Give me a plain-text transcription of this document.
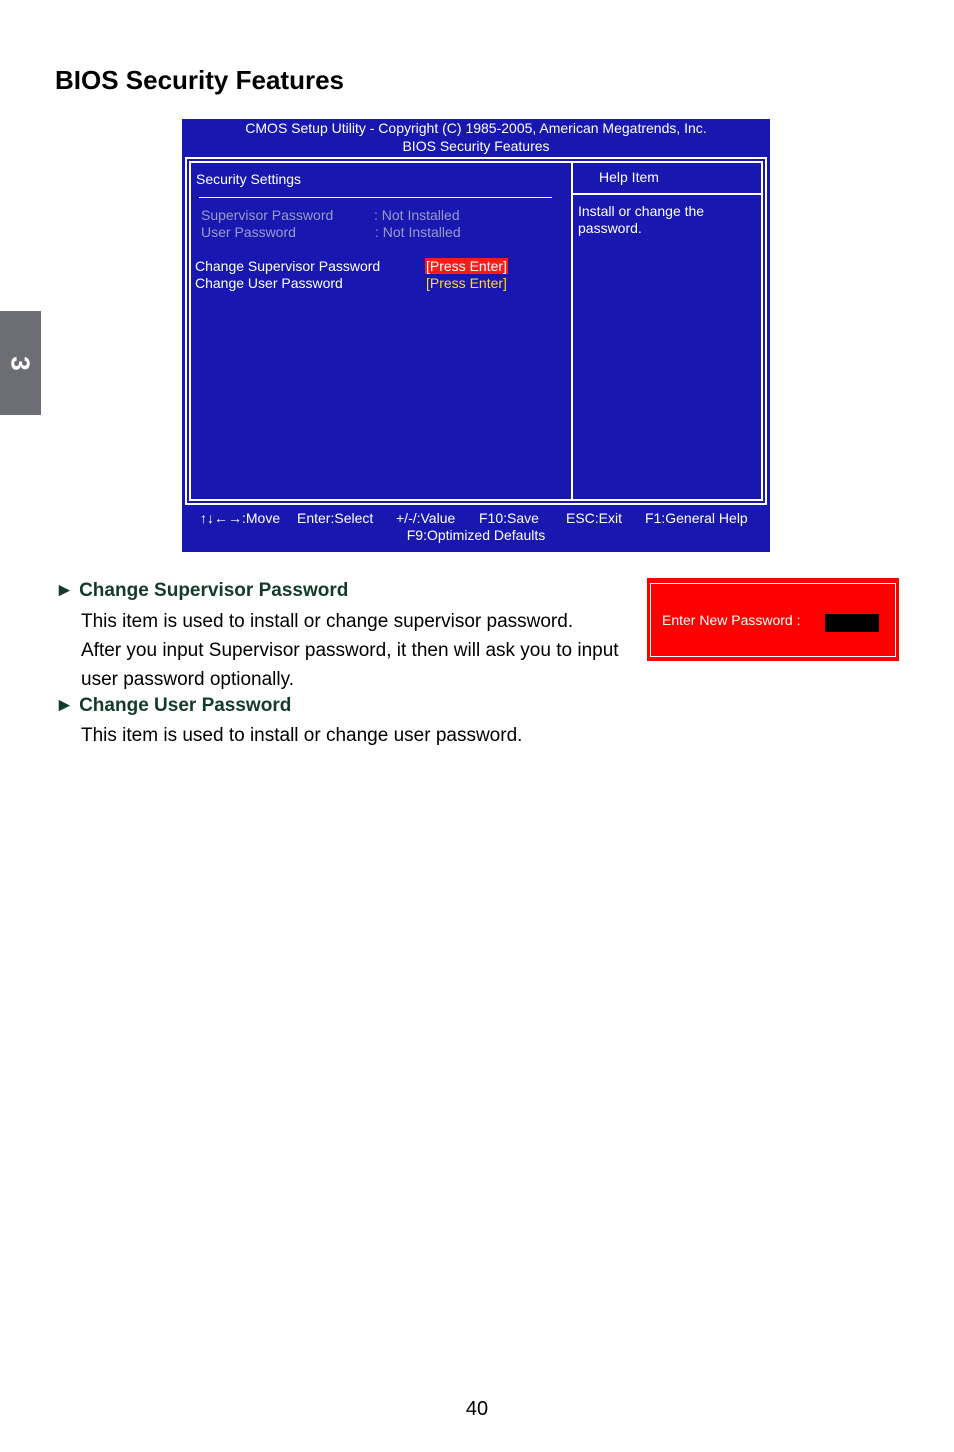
3
BIOS Security Features
CMOS Setup Utility - Copyright (C) 1985-2005, American Megatrends, Inc.
BIOS Security Features
Security Settings
Supervisor Password	: Not Installed
User Password	: Not Installed
Change Supervisor Password	[Press Enter]
Change User Password	[Press Enter]
Help Item
Install or change the
password.
↑↓←→:Move Enter:Select +/-/:Value F10:Save ESC:Exit F1:General Help
F9:Optimized Defaults

► Change Supervisor Password

This item is used to install or change supervisor password.
After you input Supervisor password, it then will ask you to input
user password optionally.

► Change User Password

This item is used to install or change user password.
Enter New Password :
40
